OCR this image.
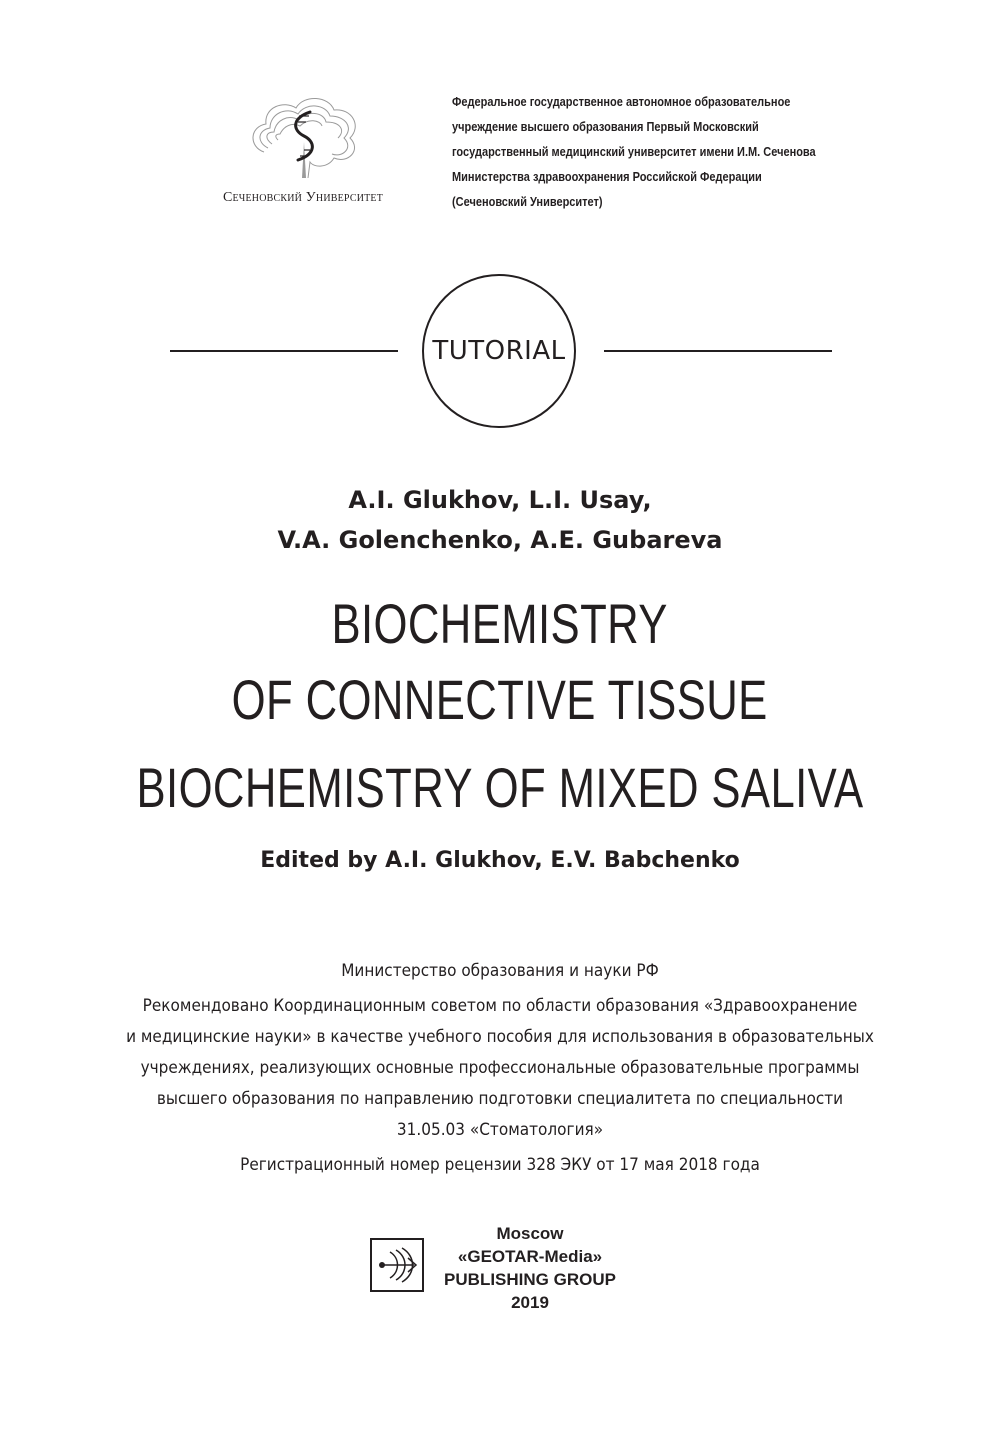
Сеченовский Университет
Федеральное государственное автономное образовательное
учреждение высшего образования Первый Московский
государственный медицинский университет имени И.М. Сеченова
Министерства здравоохранения Российской Федерации
(Сеченовский Университет)
TUTORIAL
A.I. Glukhov, L.I. Usay,
V.A. Golenchenko, A.E. Gubareva
BIOCHEMISTRY
OF CONNECTIVE TISSUE
BIOCHEMISTRY OF MIXED SALIVA
Edited by A.I. Glukhov, E.V. Babchenko
Министерство образования и науки РФ
Рекомендовано Координационным советом по области образования «Здравоохранение
и медицинские науки» в качестве учебного пособия для использования в образовательных
учреждениях, реализующих основные профессиональные образовательные программы
высшего образования по направлению подготовки специалитета по специальности
31.05.03 «Стоматология»
Регистрационный номер рецензии 328 ЭКУ от 17 мая 2018 года
Moscow
«GEOTAR-Media»
PUBLISHING GROUP
2019
